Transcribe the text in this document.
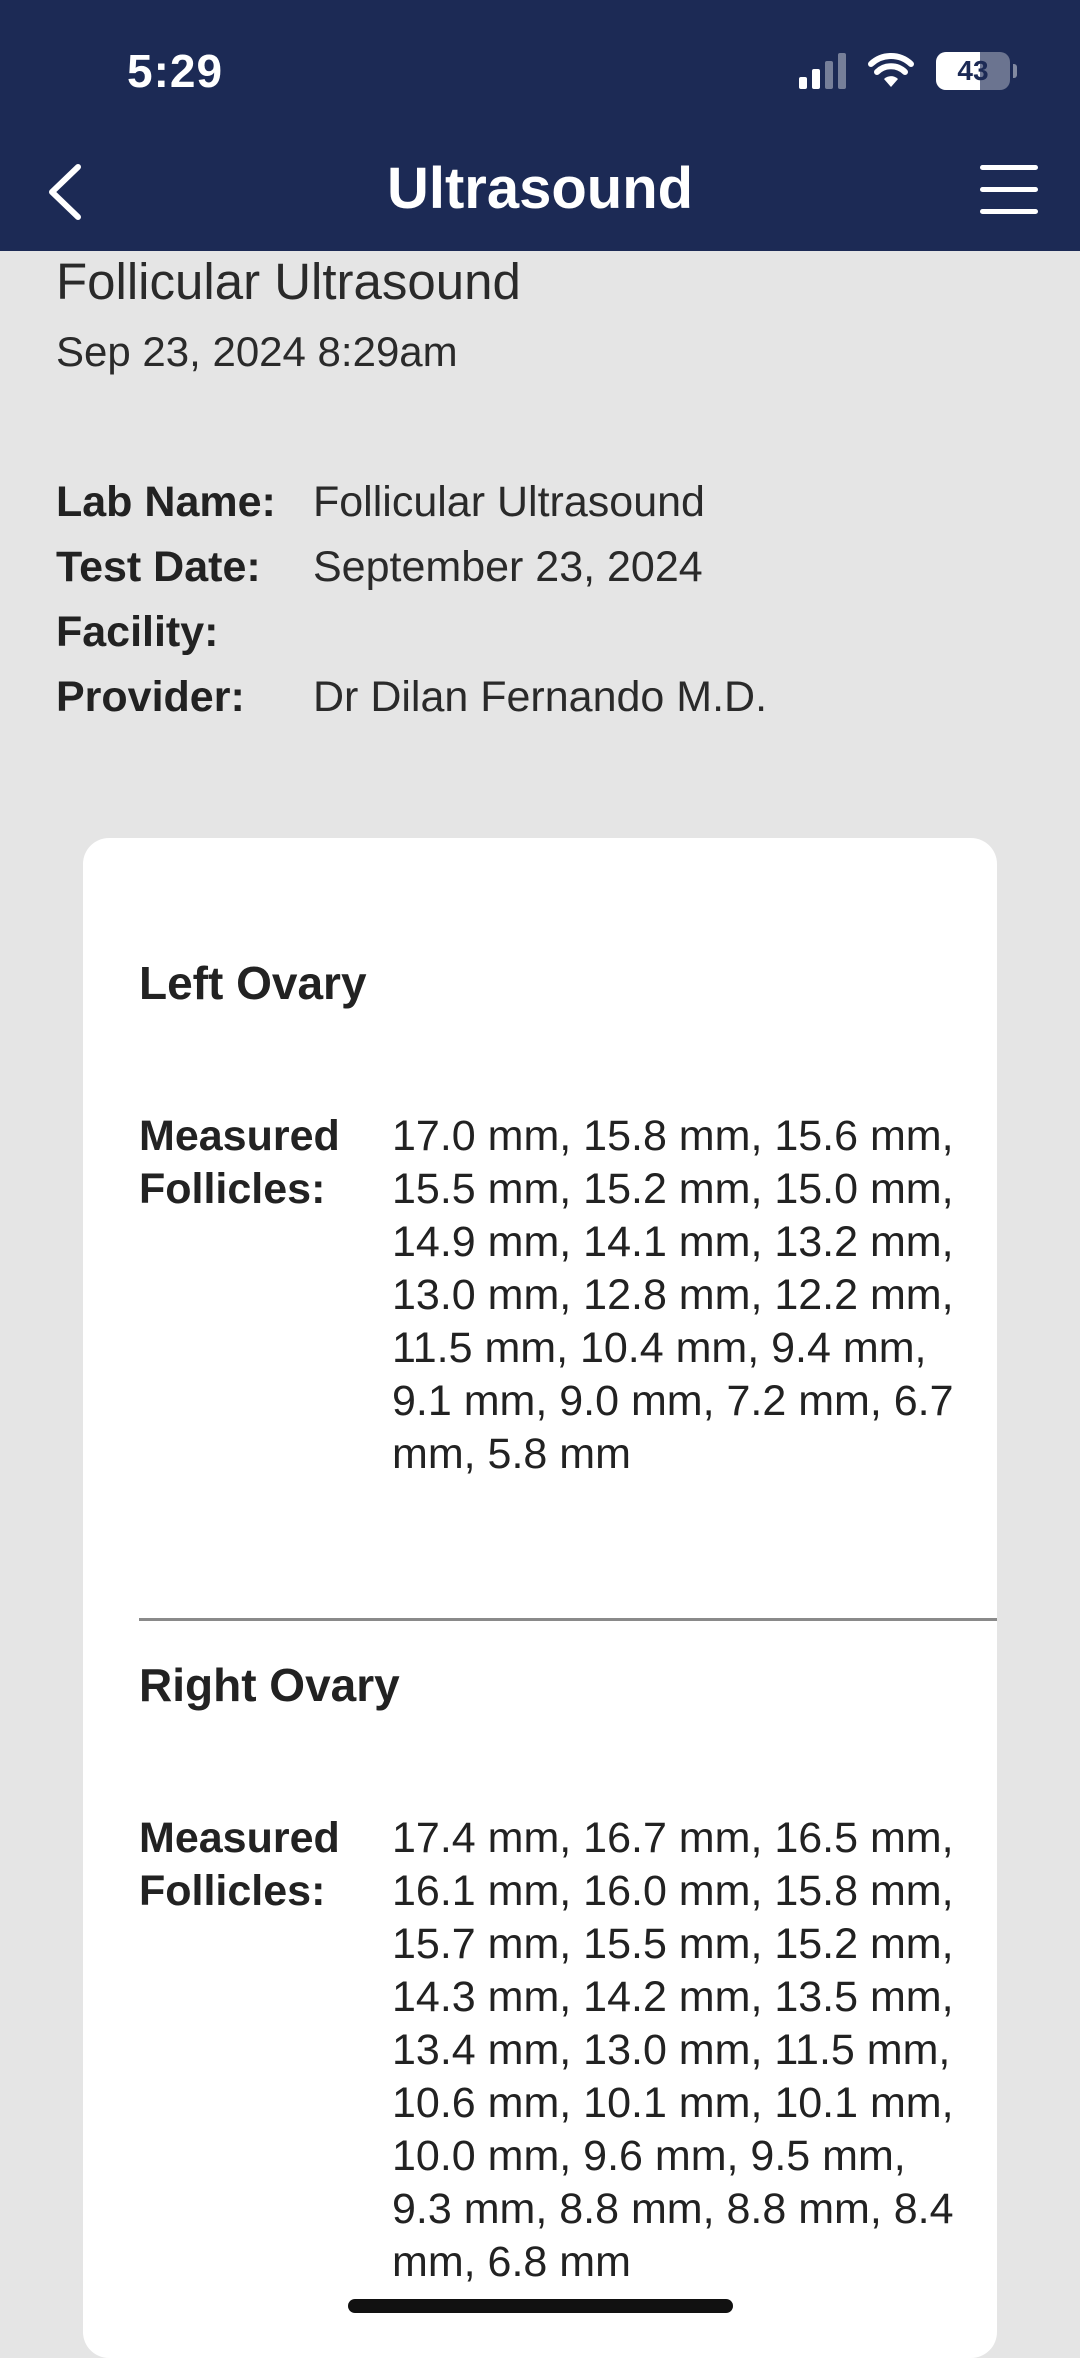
5:29	43
Ultrasound
Follicular Ultrasound
Sep 23, 2024 8:29am
Lab Name: Follicular Ultrasound
Test Date:	September 23, 2024
Facility:
Provider:	Dr Dilan Fernando M.D.
Left Ovary
Measured
Follicles:
17.0 mm, 15.8 mm, 15.6 mm, 15.5 mm, 15.2 mm, 15.0 mm, 14.9 mm, 14.1 mm, 13.2 mm, 13.0 mm, 12.8 mm, 12.2 mm, 11.5 mm, 10.4 mm, 9.4 mm, 9.1 mm, 9.0 mm, 7.2 mm, 6.7 mm, 5.8 mm
Right Ovary
Measured
Follicles:
17.4 mm, 16.7 mm, 16.5 mm, 16.1 mm, 16.0 mm, 15.8 mm, 15.7 mm, 15.5 mm, 15.2 mm, 14.3 mm, 14.2 mm, 13.5 mm, 13.4 mm, 13.0 mm, 11.5 mm, 10.6 mm, 10.1 mm, 10.1 mm, 10.0 mm, 9.6 mm, 9.5 mm, 9.3 mm, 8.8 mm, 8.8 mm, 8.4 mm, 6.8 mm
